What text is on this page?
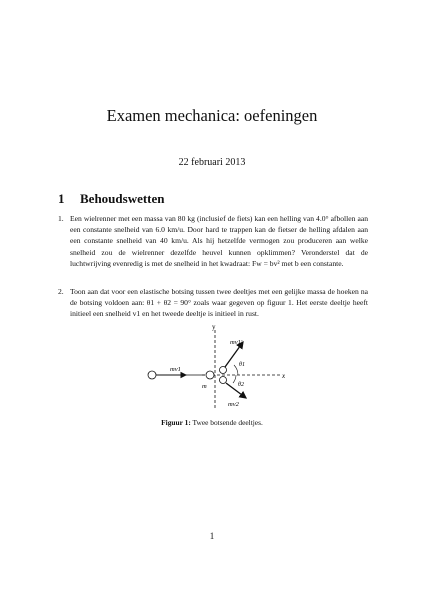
Examen mechanica: oefeningen
22 februari 2013
1 Behoudswetten
1. Een wielrenner met een massa van 80 kg (inclusief de fiets) kan een helling van 4.0° afbollen aan een constante snelheid van 6.0 km/u. Door hard te trappen kan de fietser de helling afdalen aan een constante snelheid van 40 km/u. Als hij hetzelfde vermogen zou produceren aan welke snelheid zou de wielrenner dezelfde heuvel kunnen opklimmen? Veronderstel dat de luchtwrijving evenredig is met de snelheid in het kwadraat: Fw = bv² met b een constante.
2. Toon aan dat voor een elastische botsing tussen twee deeltjes met een gelijke massa de hoeken na de botsing voldoen aan: θ1 + θ2 = 90° zoals waar gegeven op figuur 1. Het eerste deeltje heeft initieel een snelheid v1 en het tweede deeltje is initieel in rust.
y
x
mv1
mv1'
mv2
m
θ1
θ2
Figuur 1: Twee botsende deeltjes.
1
